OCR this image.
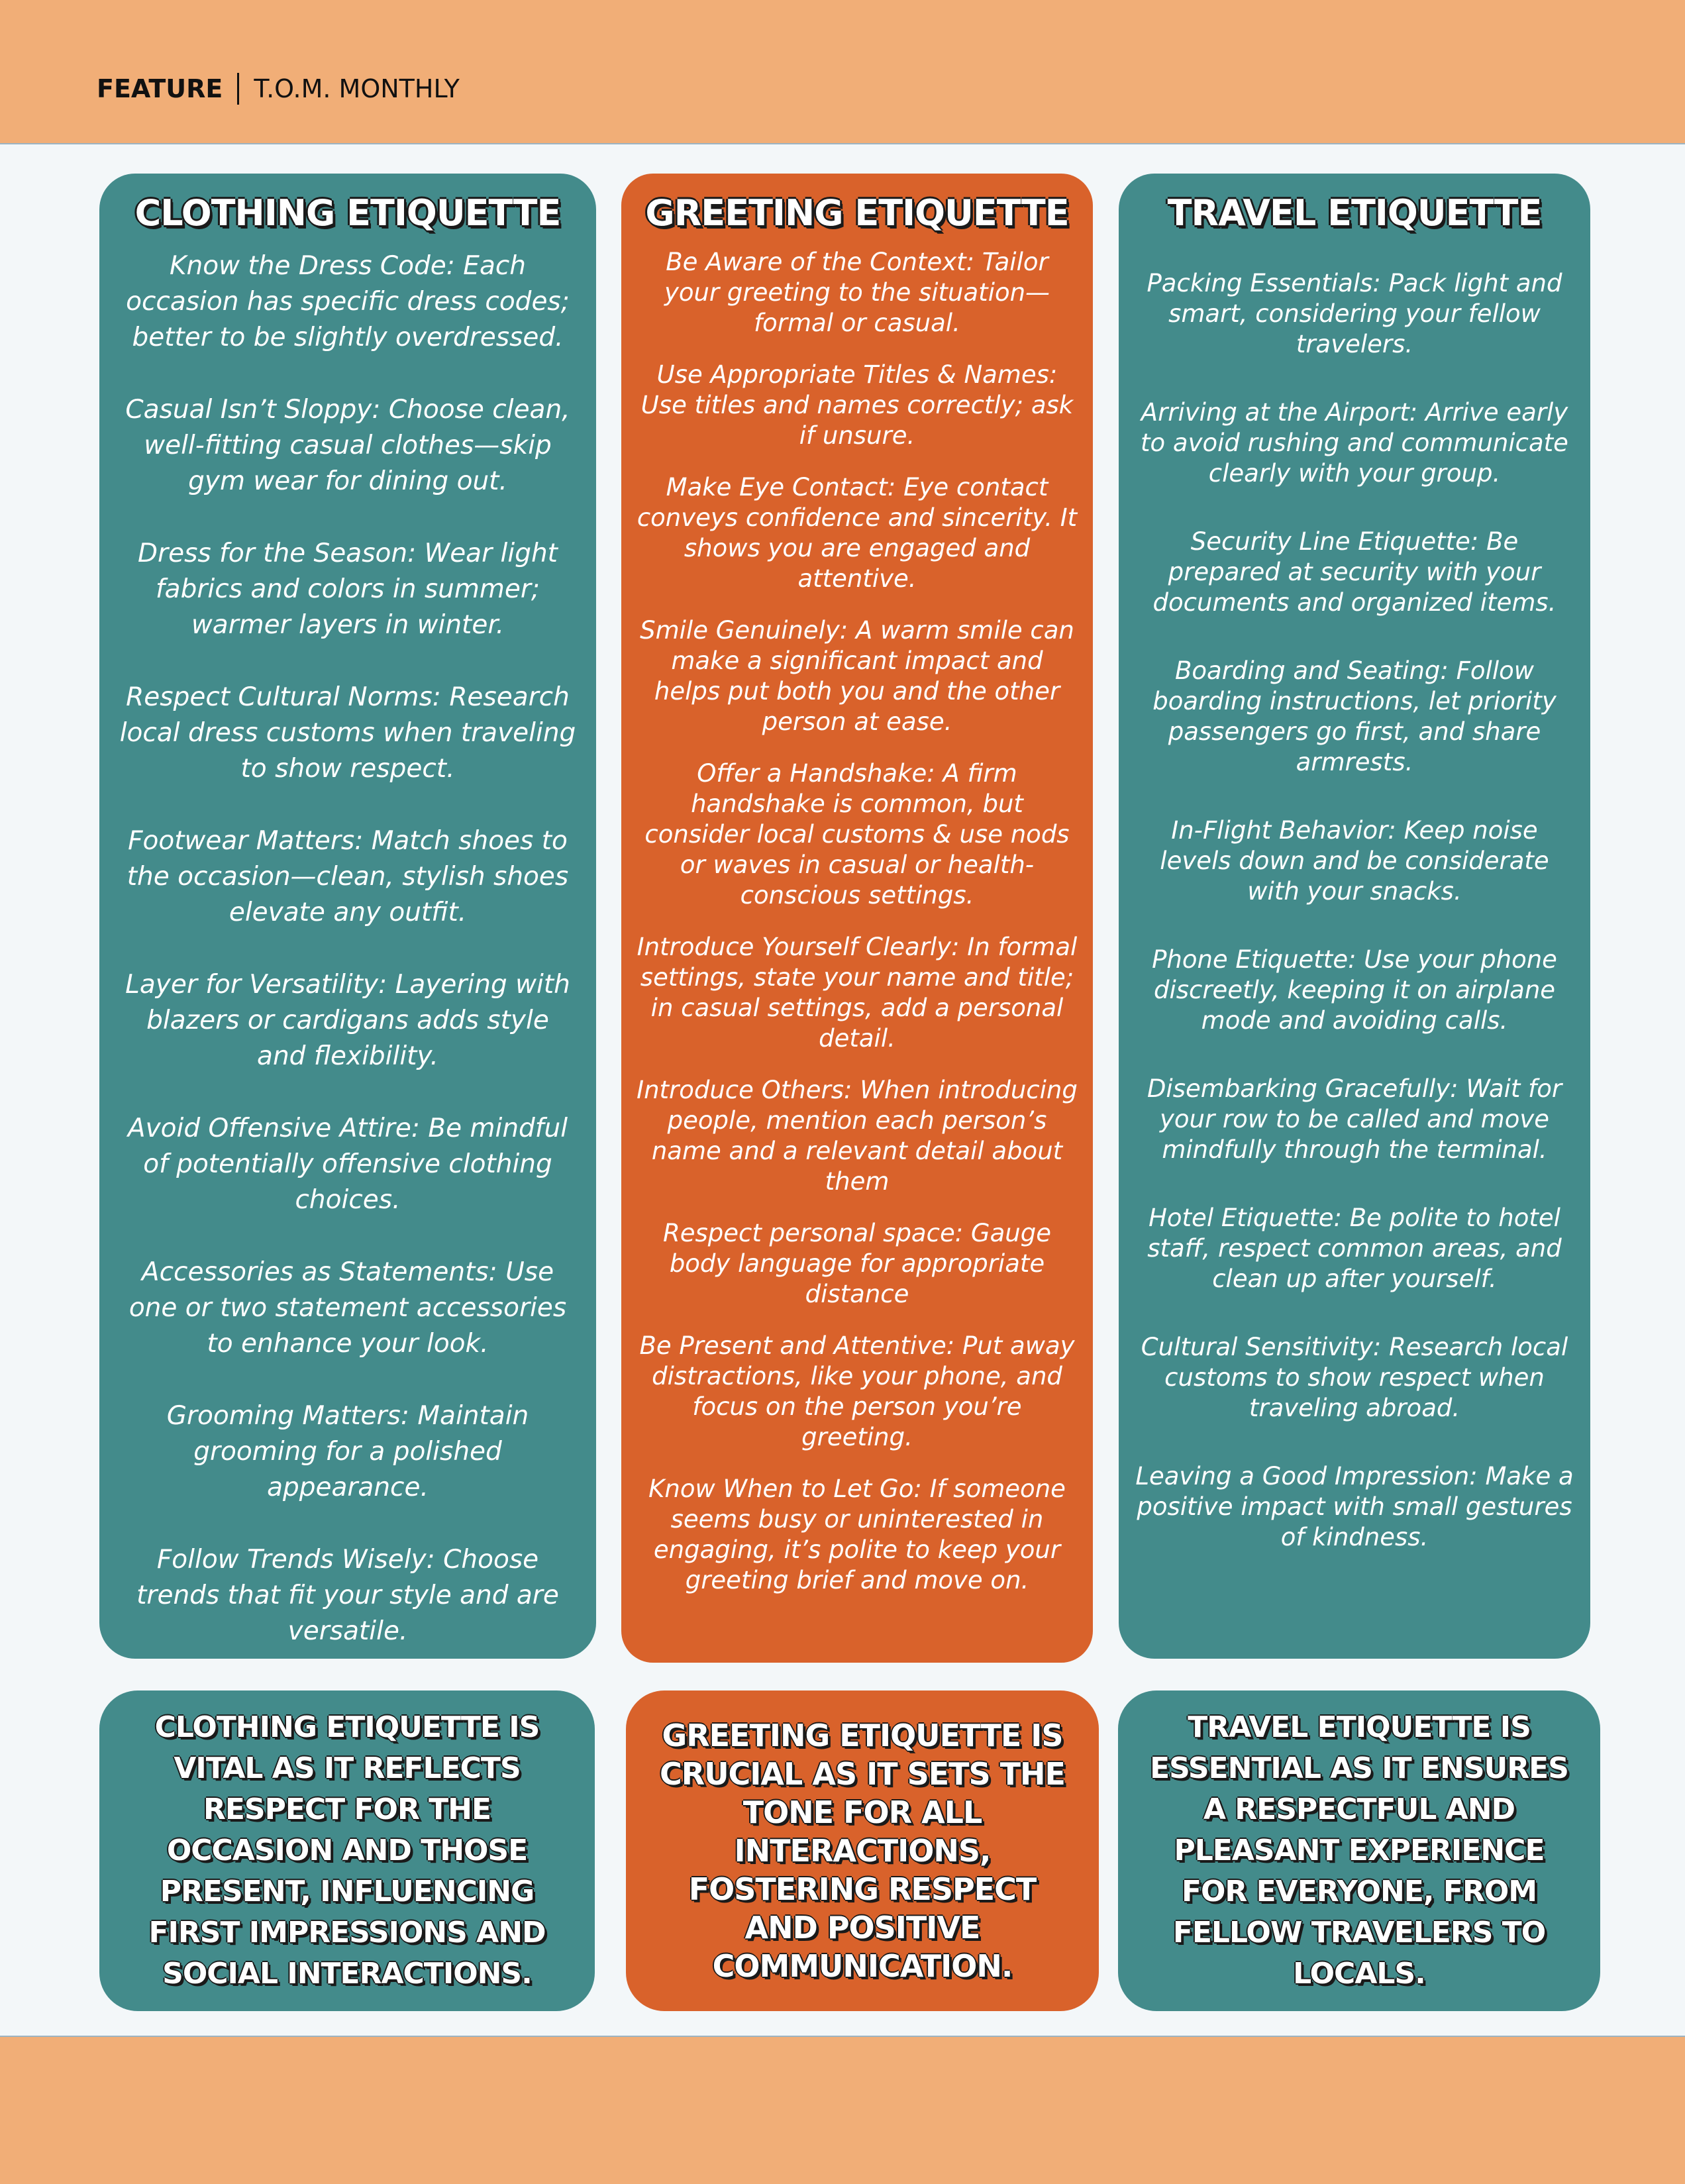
FEATURE T.O.M. MONTHLY
CLOTHING ETIQUETTE
Know the Dress Code: Each occasion has specific dress codes; better to be slightly overdressed.
Casual Isn’t Sloppy: Choose clean, well-fitting casual clothes—skip gym wear for dining out.
Dress for the Season: Wear light fabrics and colors in summer; warmer layers in winter.
Respect Cultural Norms: Research local dress customs when traveling to show respect.
Footwear Matters: Match shoes to the occasion—clean, stylish shoes elevate any outfit.
Layer for Versatility: Layering with blazers or cardigans adds style and flexibility.
Avoid Offensive Attire: Be mindful of potentially offensive clothing choices.
Accessories as Statements: Use one or two statement accessories to enhance your look.
Grooming Matters: Maintain grooming for a polished appearance.
Follow Trends Wisely: Choose trends that fit your style and are versatile.
GREETING ETIQUETTE
Be Aware of the Context: Tailor your greeting to the situation—formal or casual.
Use Appropriate Titles & Names: Use titles and names correctly; ask if unsure.
Make Eye Contact: Eye contact conveys confidence and sincerity. It shows you are engaged and attentive.
Smile Genuinely: A warm smile can make a significant impact and helps put both you and the other person at ease.
Offer a Handshake: A firm handshake is common, but consider local customs & use nods or waves in casual or health-conscious settings.
Introduce Yourself Clearly: In formal settings, state your name and title; in casual settings, add a personal detail.
Introduce Others: When introducing people, mention each person’s name and a relevant detail about them
Respect personal space: Gauge body language for appropriate distance
Be Present and Attentive: Put away distractions, like your phone, and focus on the person you’re greeting.
Know When to Let Go: If someone seems busy or uninterested in engaging, it’s polite to keep your greeting brief and move on.
TRAVEL ETIQUETTE
Packing Essentials: Pack light and smart, considering your fellow travelers.
Arriving at the Airport: Arrive early to avoid rushing and communicate clearly with your group.
Security Line Etiquette: Be prepared at security with your documents and organized items.
Boarding and Seating: Follow boarding instructions, let priority passengers go first, and share armrests.
In-Flight Behavior: Keep noise levels down and be considerate with your snacks.
Phone Etiquette: Use your phone discreetly, keeping it on airplane mode and avoiding calls.
Disembarking Gracefully: Wait for your row to be called and move mindfully through the terminal.
Hotel Etiquette: Be polite to hotel staff, respect common areas, and clean up after yourself.
Cultural Sensitivity: Research local customs to show respect when traveling abroad.
Leaving a Good Impression: Make a positive impact with small gestures of kindness.

CLOTHING ETIQUETTE IS VITAL AS IT REFLECTS RESPECT FOR THE OCCASION AND THOSE PRESENT, INFLUENCING FIRST IMPRESSIONS AND SOCIAL INTERACTIONS.

GREETING ETIQUETTE IS CRUCIAL AS IT SETS THE TONE FOR ALL INTERACTIONS, FOSTERING RESPECT AND POSITIVE COMMUNICATION.

TRAVEL ETIQUETTE IS ESSENTIAL AS IT ENSURES A RESPECTFUL AND PLEASANT EXPERIENCE FOR EVERYONE, FROM FELLOW TRAVELERS TO LOCALS.
